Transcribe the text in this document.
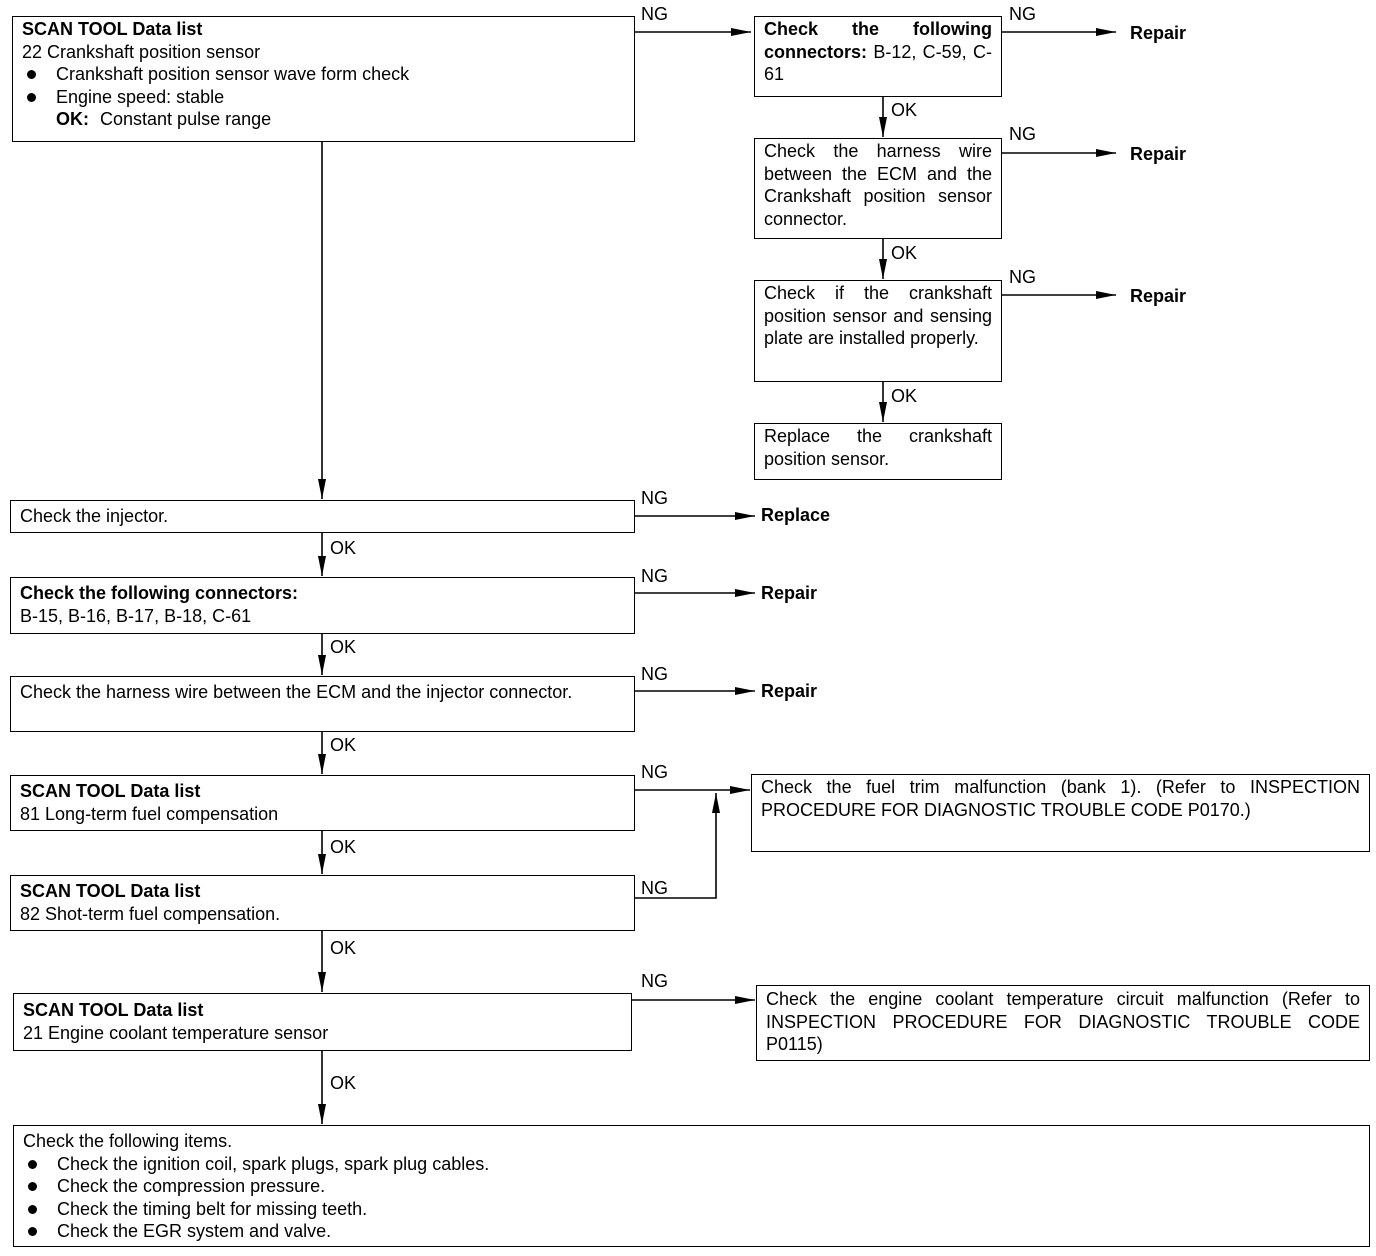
NG	NG
OK
NG
OK
NG
OK
NG
OK
NG
OK
NG
OK
NG
OK
NG
OK
NG
OK
Repair
Repair
Repair
Replace
Repair
Repair
SCAN TOOL Data list
22 Crankshaft position sensor
Crankshaft position sensor wave form check
Engine speed: stable
OK: Constant pulse range
Check the following connectors: B-12, C-59, C-61
Check the harness wire between the ECM and the Crankshaft position sensor connector.
Check if the crankshaft position sensor and sensing plate are installed properly.
Replace the crankshaft position sensor.
Check the injector.
Check the following connectors:
B-15, B-16, B-17, B-18, C-61
Check the harness wire between the ECM and the injector connector.
SCAN TOOL Data list
81 Long-term fuel compensation
Check the fuel trim malfunction (bank 1). (Refer to INSPECTION PROCEDURE FOR DIAGNOSTIC TROUBLE CODE P0170.)
SCAN TOOL Data list
82 Shot-term fuel compensation.
SCAN TOOL Data list
21 Engine coolant temperature sensor
Check the engine coolant temperature circuit malfunction (Refer to INSPECTION PROCEDURE FOR DIAGNOSTIC TROUBLE CODE P0115)
Check the following items.
Check the ignition coil, spark plugs, spark plug cables.
Check the compression pressure.
Check the timing belt for missing teeth.
Check the EGR system and valve.
